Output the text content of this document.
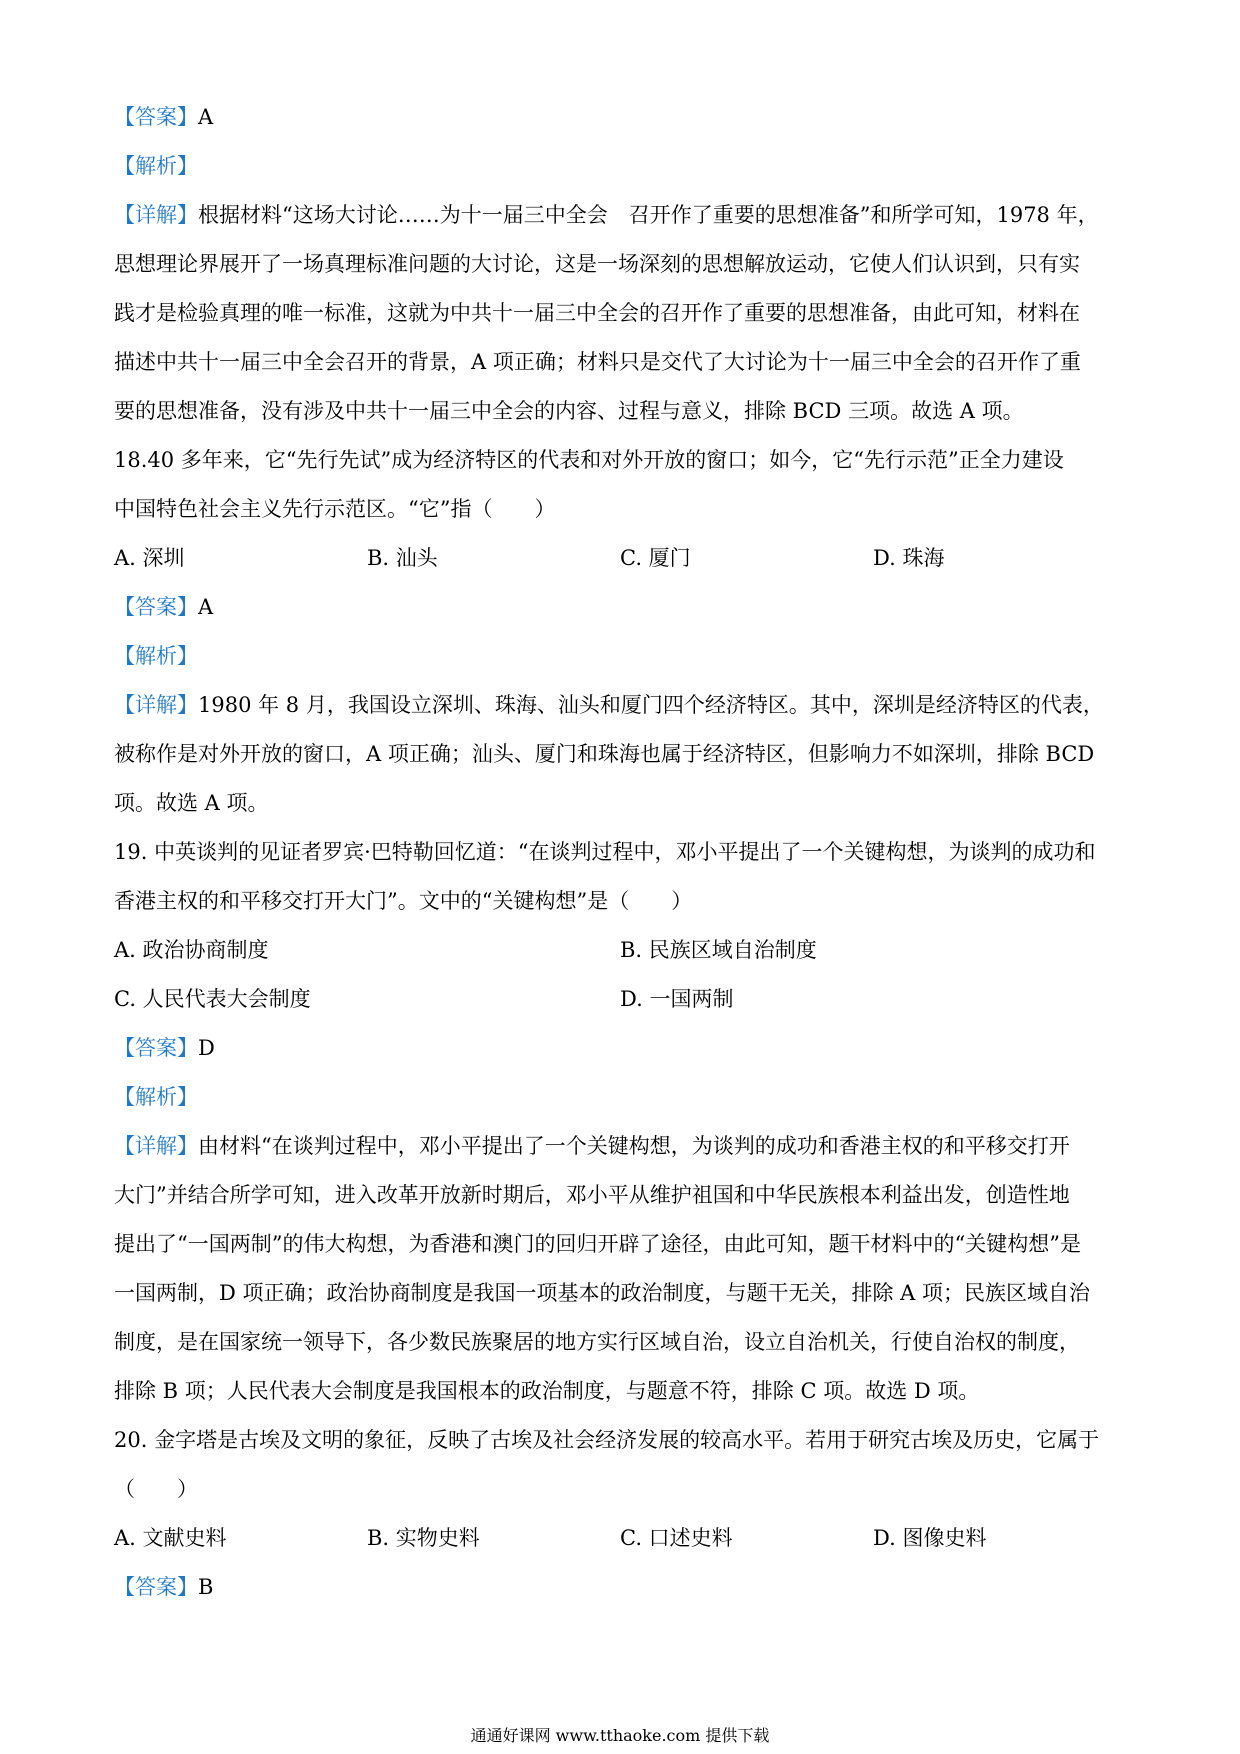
【答案】A
【解析】
【详解】根据材料“这场大讨论……为十一届三中全会　召开作了重要的思想准备”和所学可知，1978 年，
思想理论界展开了一场真理标准问题的大讨论，这是一场深刻的思想解放运动，它使人们认识到，只有实
践才是检验真理的唯一标准，这就为中共十一届三中全会的召开作了重要的思想准备，由此可知，材料在
描述中共十一届三中全会召开的背景，A 项正确；材料只是交代了大讨论为十一届三中全会的召开作了重
要的思想准备，没有涉及中共十一届三中全会的内容、过程与意义，排除 BCD 三项。故选 A 项。
18.40 多年来，它“先行先试”成为经济特区的代表和对外开放的窗口；如今，它“先行示范”正全力建设
中国特色社会主义先行示范区。“它”指（　　）
A. 深圳	B. 汕头	C. 厦门	D. 珠海
【答案】A
【解析】
【详解】1980 年 8 月，我国设立深圳、珠海、汕头和厦门四个经济特区。其中，深圳是经济特区的代表，
被称作是对外开放的窗口，A 项正确；汕头、厦门和珠海也属于经济特区，但影响力不如深圳，排除 BCD
项。故选 A 项。
19. 中英谈判的见证者罗宾·巴特勒回忆道：“在谈判过程中，邓小平提出了一个关键构想，为谈判的成功和
香港主权的和平移交打开大门”。文中的“关键构想”是（　　）
A. 政治协商制度	B. 民族区域自治制度
C. 人民代表大会制度	D. 一国两制
【答案】D
【解析】
【详解】由材料“在谈判过程中，邓小平提出了一个关键构想，为谈判的成功和香港主权的和平移交打开
大门”并结合所学可知，进入改革开放新时期后，邓小平从维护祖国和中华民族根本利益出发，创造性地
提出了“一国两制”的伟大构想，为香港和澳门的回归开辟了途径，由此可知，题干材料中的“关键构想”是
一国两制，D 项正确；政治协商制度是我国一项基本的政治制度，与题干无关，排除 A 项；民族区域自治
制度，是在国家统一领导下，各少数民族聚居的地方实行区域自治，设立自治机关，行使自治权的制度，
排除 B 项；人民代表大会制度是我国根本的政治制度，与题意不符，排除 C 项。故选 D 项。
20. 金字塔是古埃及文明的象征，反映了古埃及社会经济发展的较高水平。若用于研究古埃及历史，它属于
（　　）
A. 文献史料	B. 实物史料	C. 口述史料	D. 图像史料
【答案】B
通通好课网 www.tthaoke.com 提供下载
